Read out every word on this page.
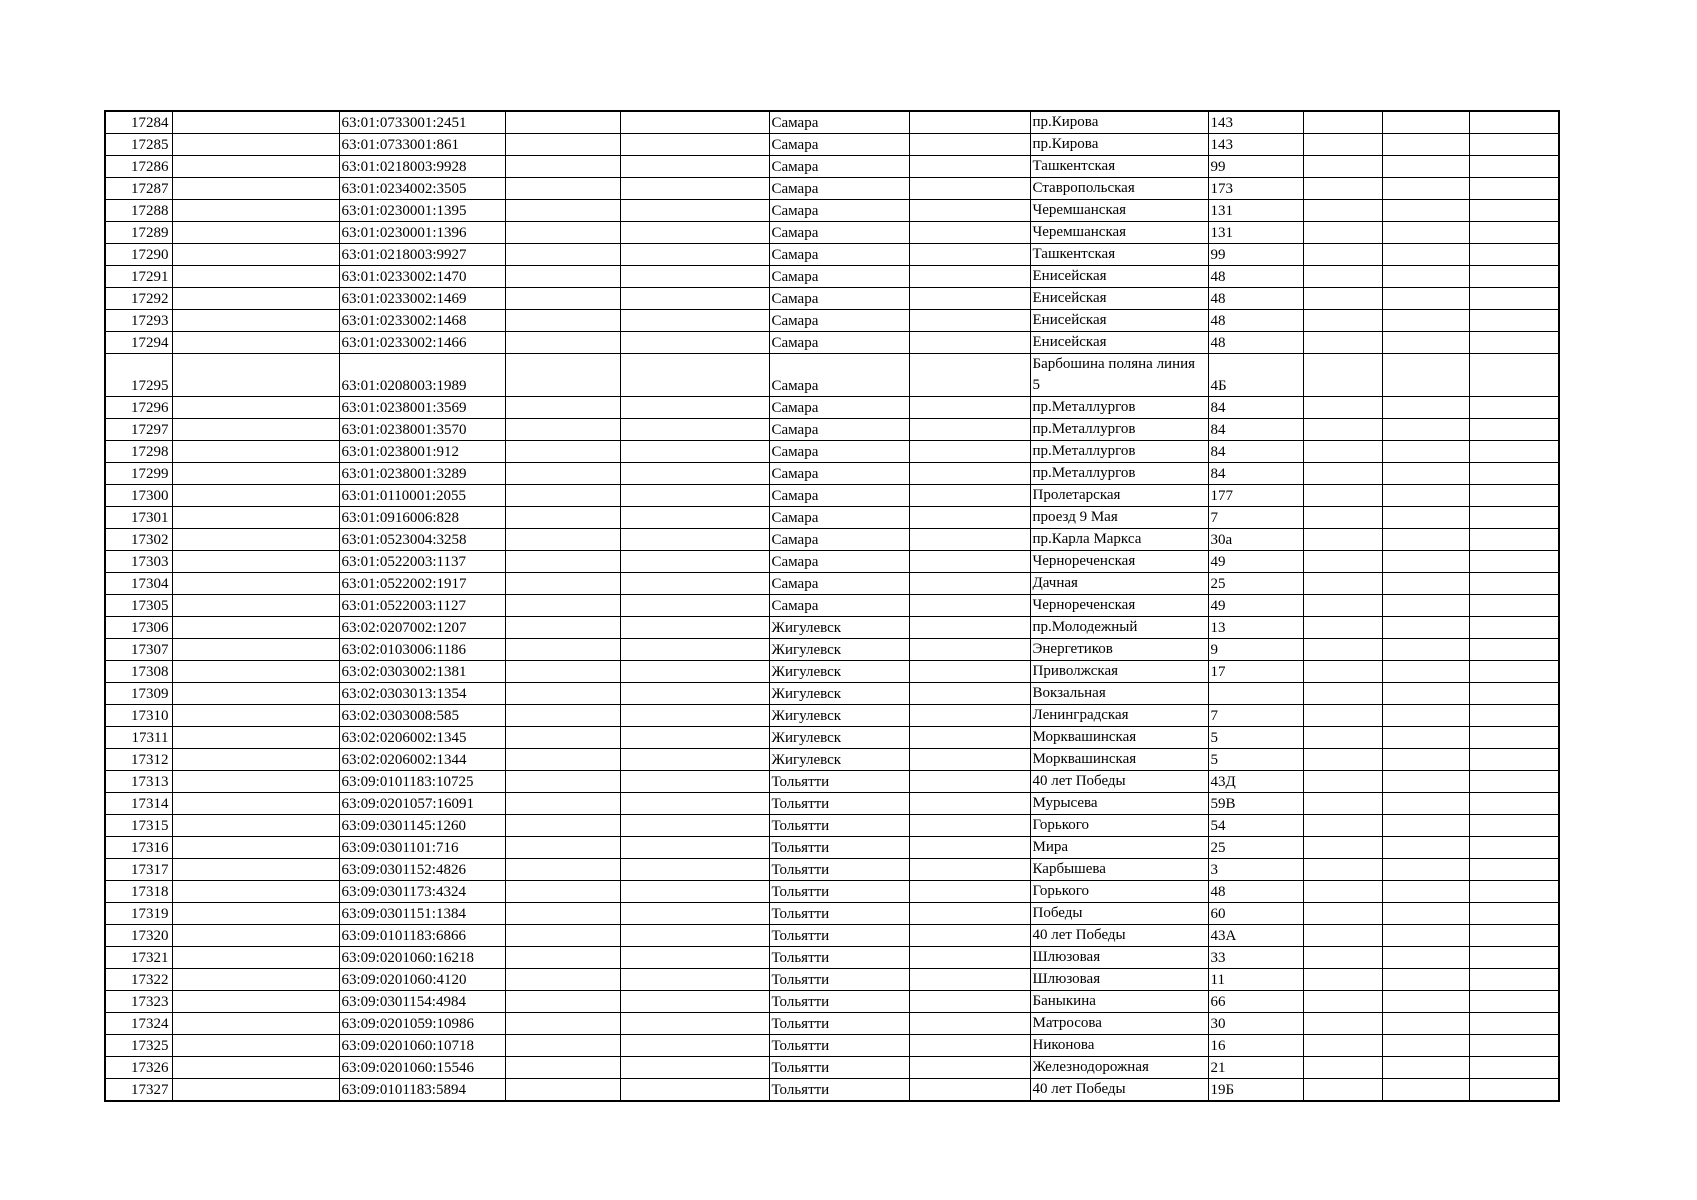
17284		63:01:0733001:2451			Самара		пр.Кирова	143			
17285		63:01:0733001:861			Самара		пр.Кирова	143			
17286		63:01:0218003:9928			Самара		Ташкентская	99			
17287		63:01:0234002:3505			Самара		Ставропольская	173			
17288		63:01:0230001:1395			Самара		Черемшанская	131			
17289		63:01:0230001:1396			Самара		Черемшанская	131			
17290		63:01:0218003:9927			Самара		Ташкентская	99			
17291		63:01:0233002:1470			Самара		Енисейская	48			
17292		63:01:0233002:1469			Самара		Енисейская	48			
17293		63:01:0233002:1468			Самара		Енисейская	48			
17294		63:01:0233002:1466			Самара		Енисейская	48			
17295		63:01:0208003:1989			Самара		Барбошина поляна линия 5	4Б			
17296		63:01:0238001:3569			Самара		пр.Металлургов	84			
17297		63:01:0238001:3570			Самара		пр.Металлургов	84			
17298		63:01:0238001:912			Самара		пр.Металлургов	84			
17299		63:01:0238001:3289			Самара		пр.Металлургов	84			
17300		63:01:0110001:2055			Самара		Пролетарская	177			
17301		63:01:0916006:828			Самара		проезд 9 Мая	7			
17302		63:01:0523004:3258			Самара		пр.Карла Маркса	30а			
17303		63:01:0522003:1137			Самара		Чернореченская	49			
17304		63:01:0522002:1917			Самара		Дачная	25			
17305		63:01:0522003:1127			Самара		Чернореченская	49			
17306		63:02:0207002:1207			Жигулевск		пр.Молодежный	13			
17307		63:02:0103006:1186			Жигулевск		Энергетиков	9			
17308		63:02:0303002:1381			Жигулевск		Приволжская	17			
17309		63:02:0303013:1354			Жигулевск		Вокзальная				
17310		63:02:0303008:585			Жигулевск		Ленинградская	7			
17311		63:02:0206002:1345			Жигулевск		Морквашинская	5			
17312		63:02:0206002:1344			Жигулевск		Морквашинская	5			
17313		63:09:0101183:10725			Тольятти		40 лет Победы	43Д			
17314		63:09:0201057:16091			Тольятти		Мурысева	59В			
17315		63:09:0301145:1260			Тольятти		Горького	54			
17316		63:09:0301101:716			Тольятти		Мира	25			
17317		63:09:0301152:4826			Тольятти		Карбышева	3			
17318		63:09:0301173:4324			Тольятти		Горького	48			
17319		63:09:0301151:1384			Тольятти		Победы	60			
17320		63:09:0101183:6866			Тольятти		40 лет Победы	43А			
17321		63:09:0201060:16218			Тольятти		Шлюзовая	33			
17322		63:09:0201060:4120			Тольятти		Шлюзовая	11			
17323		63:09:0301154:4984			Тольятти		Баныкина	66			
17324		63:09:0201059:10986			Тольятти		Матросова	30			
17325		63:09:0201060:10718			Тольятти		Никонова	16			
17326		63:09:0201060:15546			Тольятти		Железнодорожная	21			
17327		63:09:0101183:5894			Тольятти		40 лет Победы	19Б			
